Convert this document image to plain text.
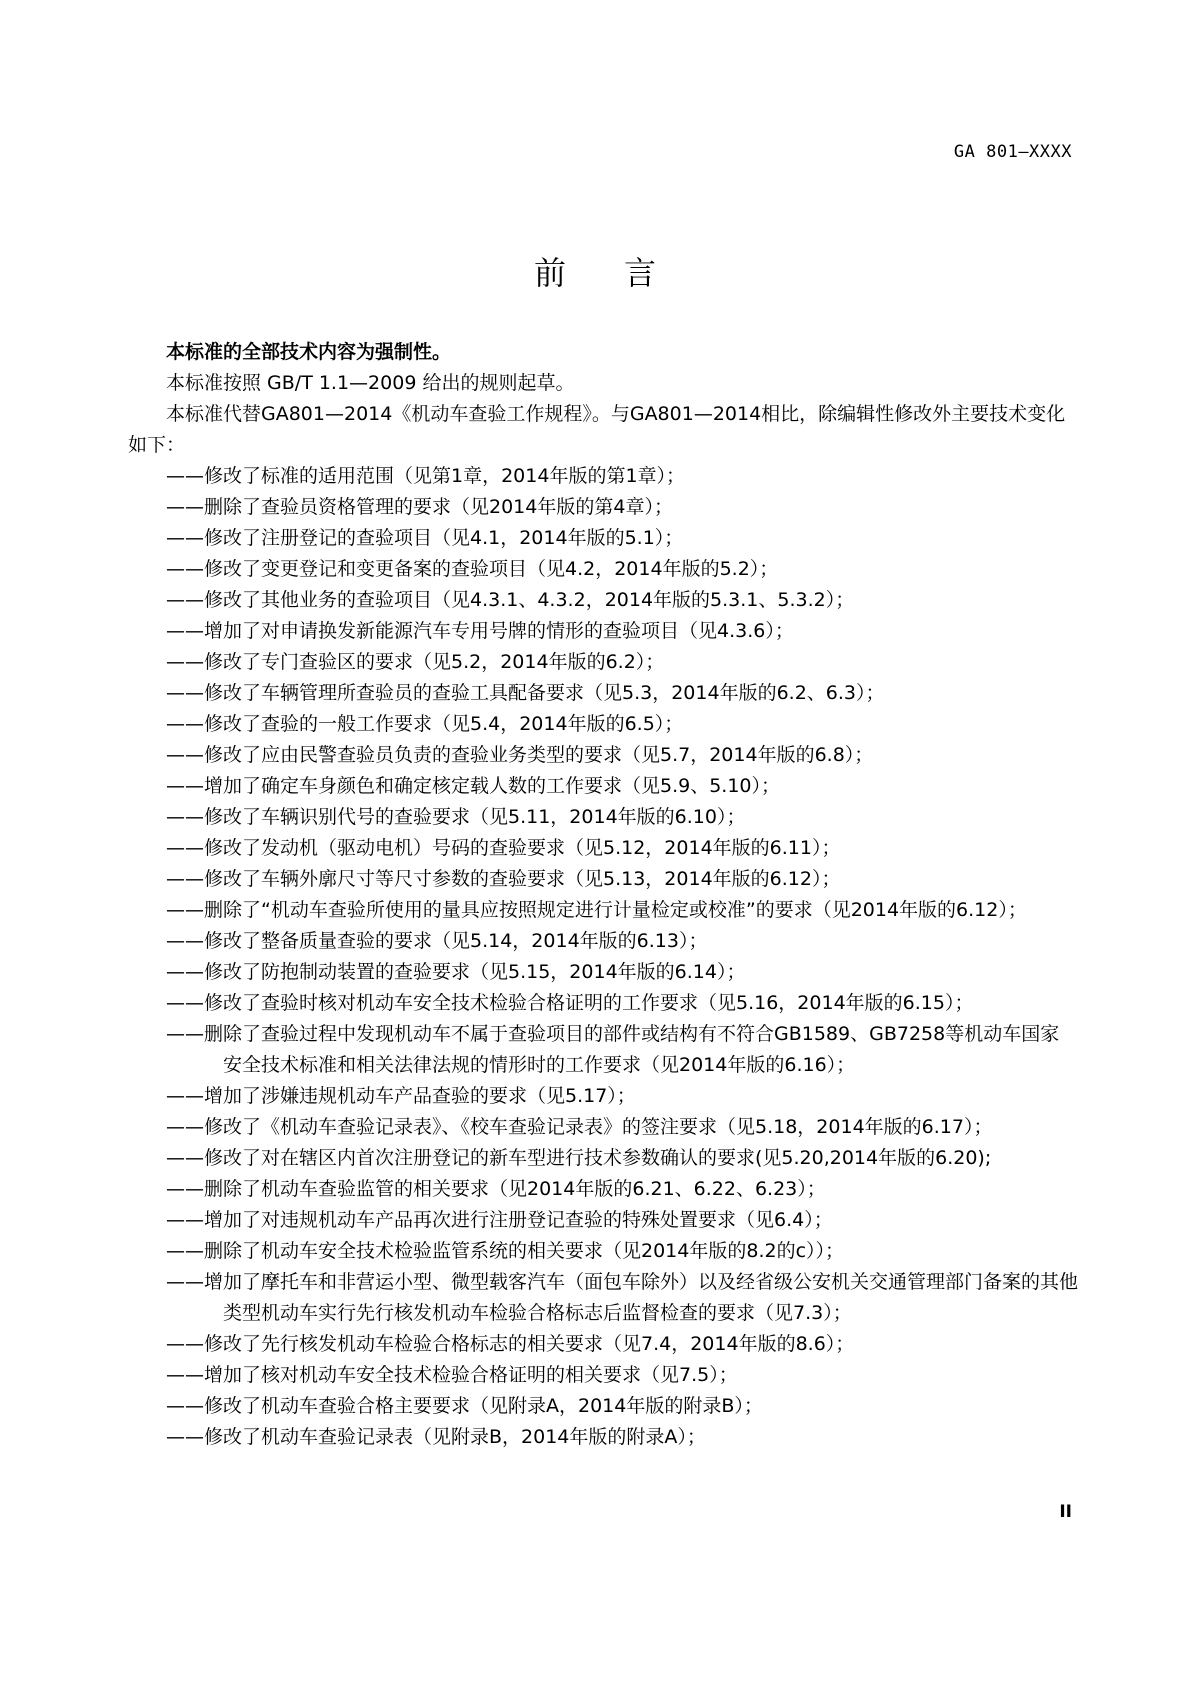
GA 801—XXXX
前言

本标准的全部技术内容为强制性。

本标准按照 GB/T 1.1—2009 给出的规则起草。

本标准代替GA801—2014《机动车查验工作规程》。与GA801—2014相比，除编辑性修改外主要技术变化如下：

——修改了标准的适用范围（见第1章，2014年版的第1章）；

——删除了查验员资格管理的要求（见2014年版的第4章）；

——修改了注册登记的查验项目（见4.1，2014年版的5.1）；

——修改了变更登记和变更备案的查验项目（见4.2，2014年版的5.2）；

——修改了其他业务的查验项目（见4.3.1、4.3.2，2014年版的5.3.1、5.3.2）；

——增加了对申请换发新能源汽车专用号牌的情形的查验项目（见4.3.6）；

——修改了专门查验区的要求（见5.2，2014年版的6.2）；

——修改了车辆管理所查验员的查验工具配备要求（见5.3，2014年版的6.2、6.3）；

——修改了查验的一般工作要求（见5.4，2014年版的6.5）；

——修改了应由民警查验员负责的查验业务类型的要求（见5.7，2014年版的6.8）；

——增加了确定车身颜色和确定核定载人数的工作要求（见5.9、5.10）；

——修改了车辆识别代号的查验要求（见5.11，2014年版的6.10）；

——修改了发动机（驱动电机）号码的查验要求（见5.12，2014年版的6.11）；

——修改了车辆外廓尺寸等尺寸参数的查验要求（见5.13，2014年版的6.12）；

——删除了“机动车查验所使用的量具应按照规定进行计量检定或校准”的要求（见2014年版的6.12）；

——修改了整备质量查验的要求（见5.14，2014年版的6.13）；

——修改了防抱制动装置的查验要求（见5.15，2014年版的6.14）；

——修改了查验时核对机动车安全技术检验合格证明的工作要求（见5.16，2014年版的6.15）；

——删除了查验过程中发现机动车不属于查验项目的部件或结构有不符合GB1589、GB7258等机动车国家安全技术标准和相关法律法规的情形时的工作要求（见2014年版的6.16）；

——增加了涉嫌违规机动车产品查验的要求（见5.17）；

——修改了《机动车查验记录表》、《校车查验记录表》的签注要求（见5.18，2014年版的6.17）；

——修改了对在辖区内首次注册登记的新车型进行技术参数确认的要求(见5.20,2014年版的6.20);

——删除了机动车查验监管的相关要求（见2014年版的6.21、6.22、6.23）；

——增加了对违规机动车产品再次进行注册登记查验的特殊处置要求（见6.4）；

——删除了机动车安全技术检验监管系统的相关要求（见2014年版的8.2的c））；

——增加了摩托车和非营运小型、微型载客汽车（面包车除外）以及经省级公安机关交通管理部门备案的其他类型机动车实行先行核发机动车检验合格标志后监督检查的要求（见7.3）；

——修改了先行核发机动车检验合格标志的相关要求（见7.4，2014年版的8.6）；

——增加了核对机动车安全技术检验合格证明的相关要求（见7.5）；

——修改了机动车查验合格主要要求（见附录A，2014年版的附录B）；

——修改了机动车查验记录表（见附录B，2014年版的附录A）；

II
